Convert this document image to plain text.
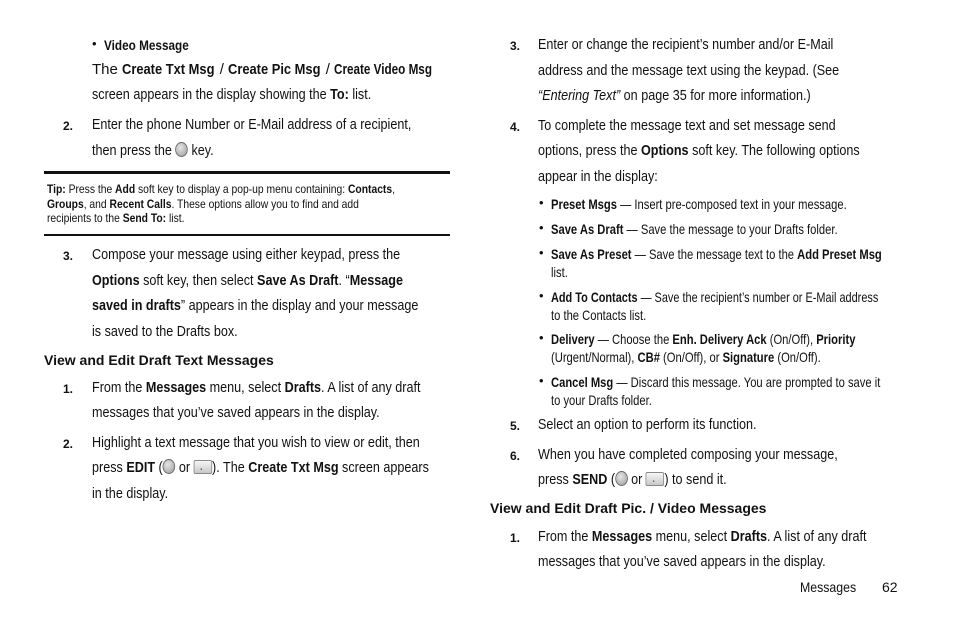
• Video Message
The Create Txt Msg / Create Pic Msg / Create Video Msg
screen appears in the display showing the To: list.
2. Enter the phone Number or E-Mail address of a recipient,
then press the  key.
Tip: Press the Add soft key to display a pop-up menu containing: Contacts,
Groups, and Recent Calls. These options allow you to find and add
recipients to the Send To: list.
3. Compose your message using either keypad, press the
Options soft key, then select Save As Draft. “Message
saved in drafts” appears in the display and your message
is saved to the Drafts box.
View and Edit Draft Text Messages
1. From the Messages menu, select Drafts. A list of any draft
messages that you’ve saved appears in the display.
2. Highlight a text message that you wish to view or edit, then
press EDIT ( or ▪). The Create Txt Msg screen appears
in the display.
3. Enter or change the recipient’s number and/or E-Mail
address and the message text using the keypad. (See
“Entering Text” on page 35 for more information.)
4. To complete the message text and set message send
options, press the Options soft key. The following options
appear in the display:
• Preset Msgs — Insert pre-composed text in your message.
• Save As Draft — Save the message to your Drafts folder.
• Save As Preset — Save the message text to the Add Preset Msg
list.
• Add To Contacts — Save the recipient’s number or E-Mail address
to the Contacts list.
• Delivery — Choose the Enh. Delivery Ack (On/Off), Priority
(Urgent/Normal), CB# (On/Off), or Signature (On/Off).
• Cancel Msg — Discard this message. You are prompted to save it
to your Drafts folder.
5. Select an option to perform its function.
6. When you have completed composing your message,
press SEND ( or ▪) to send it.
View and Edit Draft Pic. / Video Messages
1. From the Messages menu, select Drafts. A list of any draft
messages that you’ve saved appears in the display.
Messages	62
